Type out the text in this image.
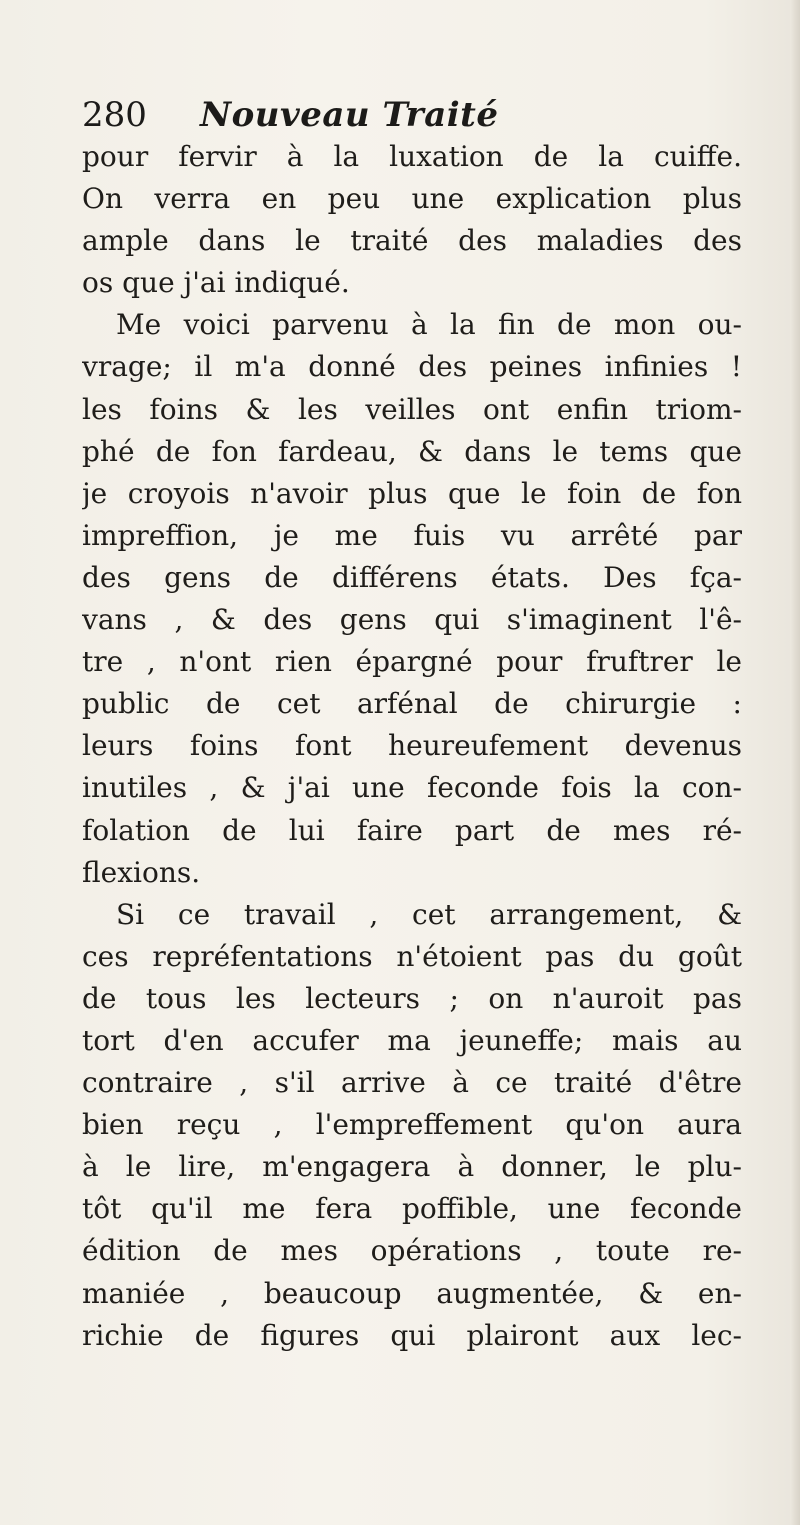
280 Nouveau Traité
pour fervir à la luxation de la cuiffe.
On verra en peu une explication plus
ample dans le traité des maladies des
os que j'ai indiqué.
Me voici parvenu à la fin de mon ou-
vrage; il m'a donné des peines infinies !
les foins & les veilles ont enfin triom-
phé de fon fardeau, & dans le tems que
je croyois n'avoir plus que le foin de fon
impreffion, je me fuis vu arrêté par
des gens de différens états. Des fça-
vans , & des gens qui s'imaginent l'ê-
tre , n'ont rien épargné pour fruftrer le
public de cet arfénal de chirurgie :
leurs foins font heureufement devenus
inutiles , & j'ai une feconde fois la con-
folation de lui faire part de mes ré-
flexions.
Si ce travail , cet arrangement, &
ces repréfentations n'étoient pas du goût
de tous les lecteurs ; on n'auroit pas
tort d'en accufer ma jeuneffe; mais au
contraire , s'il arrive à ce traité d'être
bien reçu , l'empreffement qu'on aura
à le lire, m'engagera à donner, le plu-
tôt qu'il me fera poffible, une feconde
édition de mes opérations , toute re-
maniée , beaucoup augmentée, & en-
richie de figures qui plairont aux lec-
